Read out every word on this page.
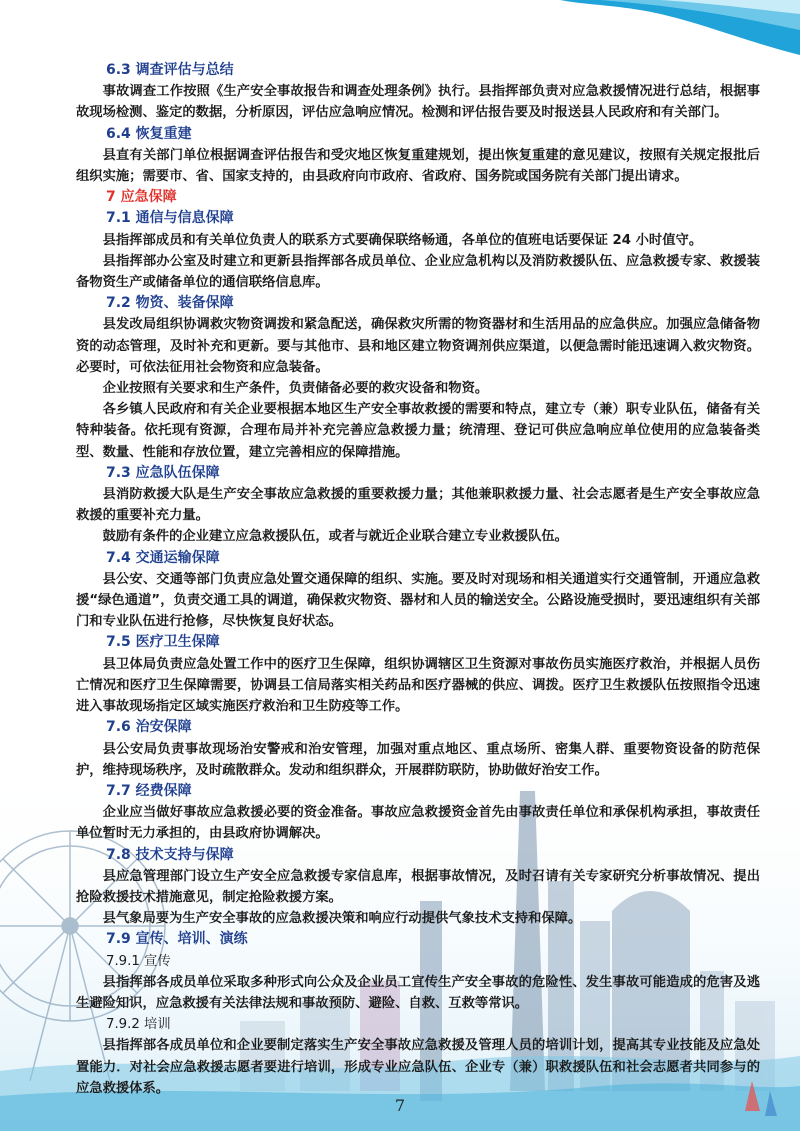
6.3 调查评估与总结

事故调查工作按照《生产安全事故报告和调查处理条例》执行。县指挥部负责对应急救援情况进行总结，根据事故现场检测、鉴定的数据，分析原因，评估应急响应情况。检测和评估报告要及时报送县人民政府和有关部门。

6.4 恢复重建

县直有关部门单位根据调查评估报告和受灾地区恢复重建规划，提出恢复重建的意见建议，按照有关规定报批后组织实施；需要市、省、国家支持的，由县政府向市政府、省政府、国务院或国务院有关部门提出请求。

7 应急保障
7.1 通信与信息保障

县指挥部成员和有关单位负责人的联系方式要确保联络畅通，各单位的值班电话要保证 24 小时值守。

县指挥部办公室及时建立和更新县指挥部各成员单位、企业应急机构以及消防救援队伍、应急救援专家、救援装备物资生产或储备单位的通信联络信息库。

7.2 物资、装备保障

县发改局组织协调救灾物资调拨和紧急配送，确保救灾所需的物资器材和生活用品的应急供应。加强应急储备物资的动态管理，及时补充和更新。要与其他市、县和地区建立物资调剂供应渠道，以便急需时能迅速调入救灾物资。必要时，可依法征用社会物资和应急装备。

企业按照有关要求和生产条件，负责储备必要的救灾设备和物资。

各乡镇人民政府和有关企业要根据本地区生产安全事故救援的需要和特点，建立专（兼）职专业队伍，储备有关特种装备。依托现有资源，合理布局并补充完善应急救援力量；统清理、登记可供应急响应单位使用的应急装备类型、数量、性能和存放位置，建立完善相应的保障措施。

7.3 应急队伍保障

县消防救援大队是生产安全事故应急救援的重要救援力量；其他兼职救援力量、社会志愿者是生产安全事故应急救援的重要补充力量。

鼓励有条件的企业建立应急救援队伍，或者与就近企业联合建立专业救援队伍。

7.4 交通运输保障

县公安、交通等部门负责应急处置交通保障的组织、实施。要及时对现场和相关通道实行交通管制，开通应急救援“绿色通道”，负责交通工具的调道，确保救灾物资、器材和人员的输送安全。公路设施受损时，要迅速组织有关部门和专业队伍进行抢修，尽快恢复良好状态。

7.5 医疗卫生保障

县卫体局负责应急处置工作中的医疗卫生保障，组织协调辖区卫生资源对事故伤员实施医疗救治，并根据人员伤亡情况和医疗卫生保障需要，协调县工信局落实相关药品和医疗器械的供应、调拨。医疗卫生救援队伍按照指令迅速进入事故现场指定区域实施医疗救治和卫生防疫等工作。

7.6 治安保障

县公安局负责事故现场治安警戒和治安管理，加强对重点地区、重点场所、密集人群、重要物资设备的防范保护，维持现场秩序，及时疏散群众。发动和组织群众，开展群防联防，协助做好治安工作。

7.7 经费保障

企业应当做好事故应急救援必要的资金准备。事故应急救援资金首先由事故责任单位和承保机构承担，事故责任单位暂时无力承担的，由县政府协调解决。

7.8 技术支持与保障

县应急管理部门设立生产安全应急救援专家信息库，根据事故情况，及时召请有关专家研究分析事故情况、提出抢险救援技术措施意见，制定抢险救援方案。

县气象局要为生产安全事故的应急救援决策和响应行动提供气象技术支持和保障。

7.9 宣传、培训、演练
7.9.1 宣传

县指挥部各成员单位采取多种形式向公众及企业员工宣传生产安全事故的危险性、发生事故可能造成的危害及逃生避险知识，应急救援有关法律法规和事故预防、避险、自救、互救等常识。

7.9.2 培训

县指挥部各成员单位和企业要制定落实生产安全事故应急救援及管理人员的培训计划，提高其专业技能及应急处置能力．对社会应急救援志愿者要进行培训，形成专业应急队伍、企业专（兼）职救援队伍和社会志愿者共同参与的应急救援体系。

7
